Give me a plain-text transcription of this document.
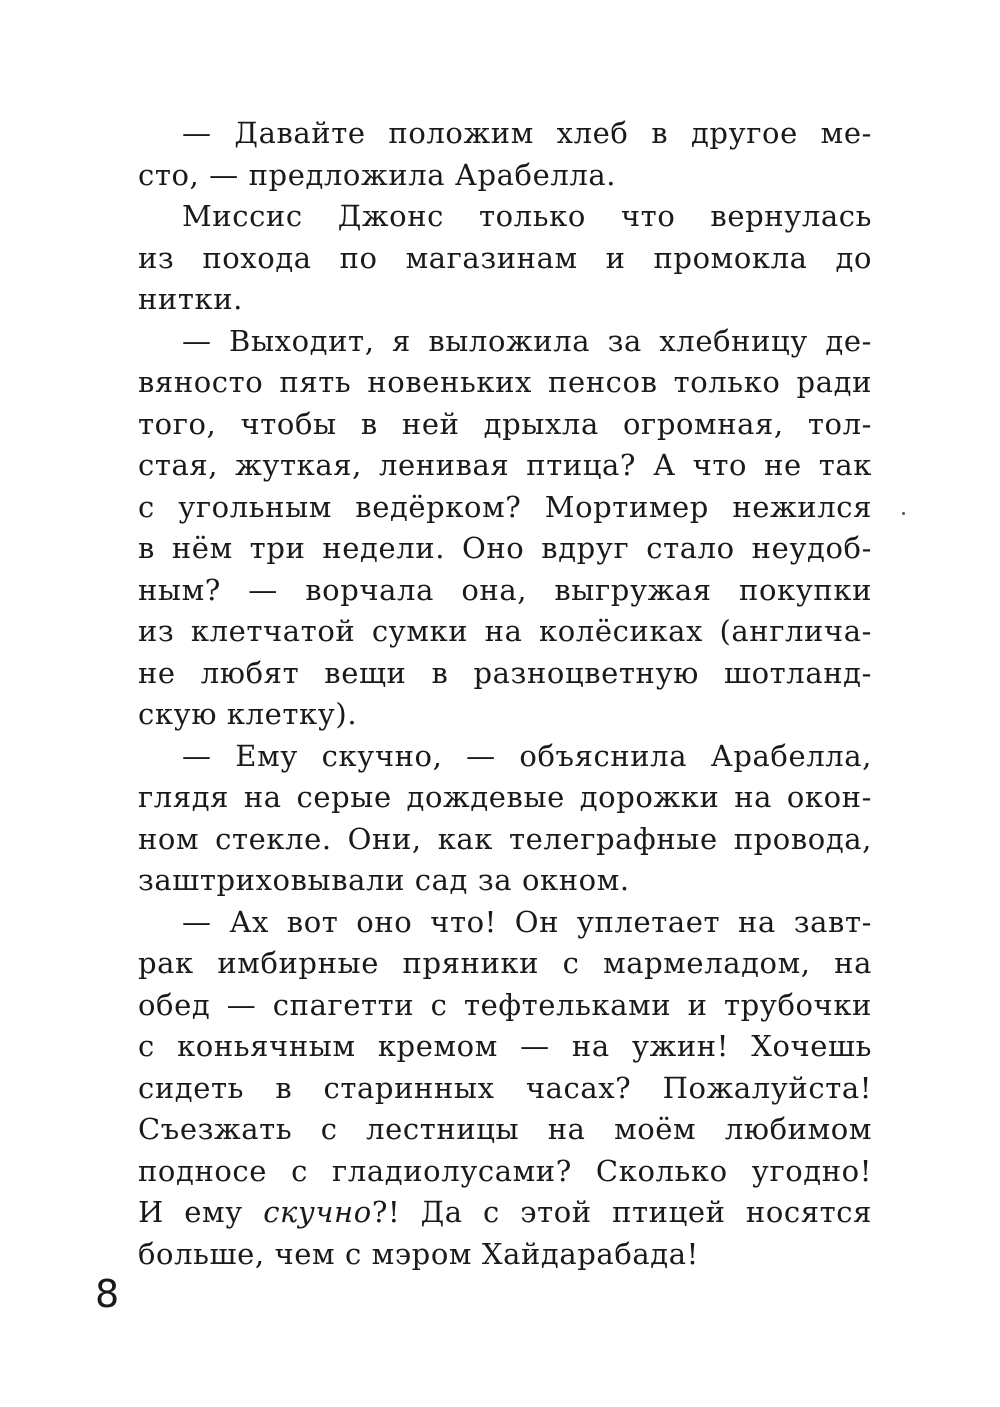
— Давайте положим хлеб в другое ме-
сто, — предложила Арабелла.
Миссис Джонс только что вернулась
из похода по магазинам и промокла до
нитки.
— Выходит, я выложила за хлебницу де-
вяносто пять новеньких пенсов только ради
того, чтобы в ней дрыхла огромная, тол-
стая, жуткая, ленивая птица? А что не так
с угольным ведёрком? Мортимер нежился
в нём три недели. Оно вдруг стало неудоб-
ным? — ворчала она, выгружая покупки
из клетчатой сумки на колёсиках (англича-
не любят вещи в разноцветную шотланд-
скую клетку).
— Ему скучно, — объяснила Арабелла,
глядя на серые дождевые дорожки на окон-
ном стекле. Они, как телеграфные провода,
заштриховывали сад за окном.
— Ах вот оно что! Он уплетает на завт-
рак имбирные пряники с мармеладом, на
обед — спагетти с тефтельками и трубочки
с коньячным кремом — на ужин! Хочешь
сидеть в старинных часах? Пожалуйста!
Съезжать с лестницы на моём любимом
подносе с гладиолусами? Сколько угодно!
И ему скучно?! Да с этой птицей носятся
больше, чем с мэром Хайдарабада!
8
